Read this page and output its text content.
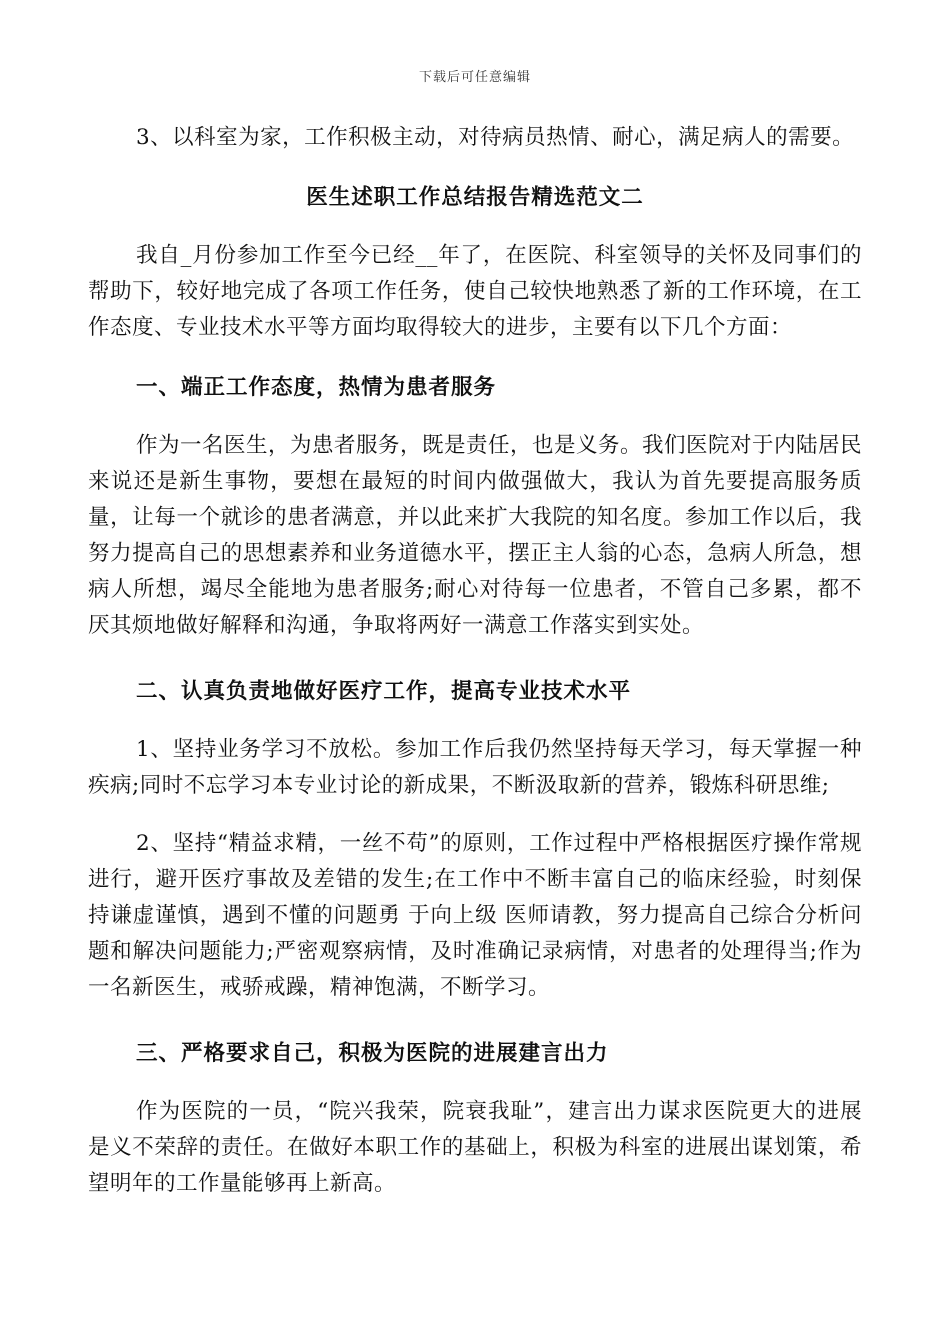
下载后可任意编辑

3、以科室为家，工作积极主动，对待病员热情、耐心，满足病人的需要。

医生述职工作总结报告精选范文二

我自_月份参加工作至今已经__年了，在医院、科室领导的关怀及同事们的帮助下，较好地完成了各项工作任务，使自己较快地熟悉了新的工作环境，在工作态度、专业技术水平等方面均取得较大的进步，主要有以下几个方面：

一、端正工作态度，热情为患者服务

作为一名医生，为患者服务，既是责任，也是义务。我们医院对于内陆居民来说还是新生事物，要想在最短的时间内做强做大，我认为首先要提高服务质量，让每一个就诊的患者满意，并以此来扩大我院的知名度。参加工作以后，我努力提高自己的思想素养和业务道德水平，摆正主人翁的心态，急病人所急，想病人所想，竭尽全能地为患者服务;耐心对待每一位患者，不管自己多累，都不厌其烦地做好解释和沟通，争取将两好一满意工作落实到实处。

二、认真负责地做好医疗工作，提高专业技术水平

1、坚持业务学习不放松。参加工作后我仍然坚持每天学习，每天掌握一种疾病;同时不忘学习本专业讨论的新成果，不断汲取新的营养，锻炼科研思维;

2、坚持“精益求精，一丝不苟”的原则，工作过程中严格根据医疗操作常规进行，避开医疗事故及差错的发生;在工作中不断丰富自己的临床经验，时刻保持谦虚谨慎，遇到不懂的问题勇 于向上级 医师请教，努力提高自己综合分析问题和解决问题能力;严密观察病情，及时准确记录病情，对患者的处理得当;作为一名新医生，戒骄戒躁，精神饱满，不断学习。

三、严格要求自己，积极为医院的进展建言出力

作为医院的一员，“院兴我荣，院衰我耻”，建言出力谋求医院更大的进展是义不荣辞的责任。在做好本职工作的基础上，积极为科室的进展出谋划策，希望明年的工作量能够再上新高。
